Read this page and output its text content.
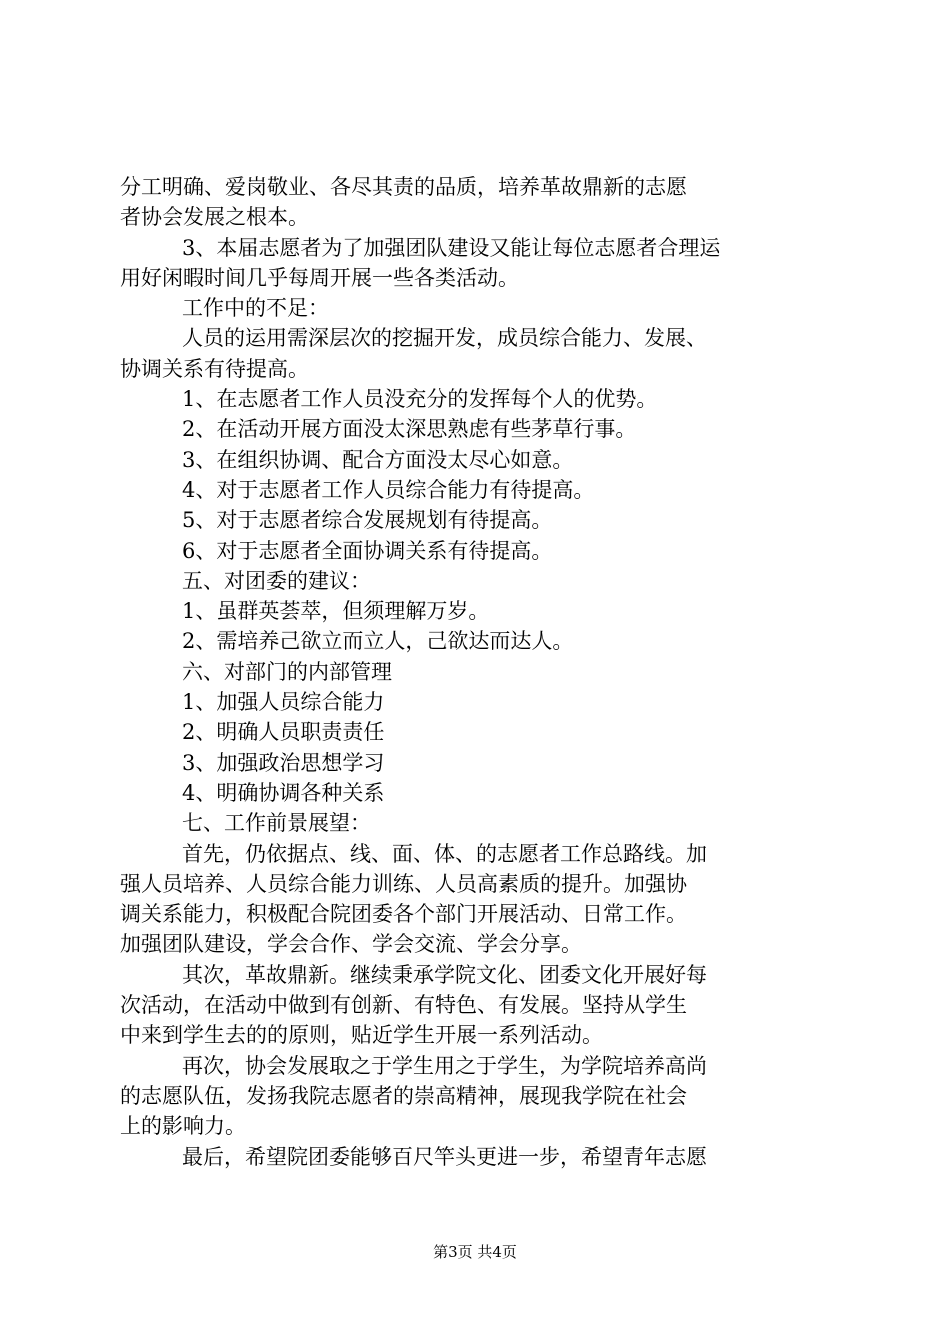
分工明确、爱岗敬业、各尽其责的品质，培养革故鼎新的志愿
者协会发展之根本。
3、本届志愿者为了加强团队建设又能让每位志愿者合理运
用好闲暇时间几乎每周开展一些各类活动。
工作中的不足：
人员的运用需深层次的挖掘开发，成员综合能力、发展、
协调关系有待提高。
1、在志愿者工作人员没充分的发挥每个人的优势。
2、在活动开展方面没太深思熟虑有些茅草行事。
3、在组织协调、配合方面没太尽心如意。
4、对于志愿者工作人员综合能力有待提高。
5、对于志愿者综合发展规划有待提高。
6、对于志愿者全面协调关系有待提高。
五、对团委的建议：
1、虽群英荟萃，但须理解万岁。
2、需培养己欲立而立人，己欲达而达人。
六、对部门的内部管理
1、加强人员综合能力
2、明确人员职责责任
3、加强政治思想学习
4、明确协调各种关系
七、工作前景展望：
首先，仍依据点、线、面、体、的志愿者工作总路线。加
强人员培养、人员综合能力训练、人员高素质的提升。加强协
调关系能力，积极配合院团委各个部门开展活动、日常工作。
加强团队建设，学会合作、学会交流、学会分享。
其次，革故鼎新。继续秉承学院文化、团委文化开展好每
次活动，在活动中做到有创新、有特色、有发展。坚持从学生
中来到学生去的的原则，贴近学生开展一系列活动。
再次，协会发展取之于学生用之于学生，为学院培养高尚
的志愿队伍，发扬我院志愿者的崇高精神，展现我学院在社会
上的影响力。
最后，希望院团委能够百尺竿头更进一步，希望青年志愿
第3页 共4页
